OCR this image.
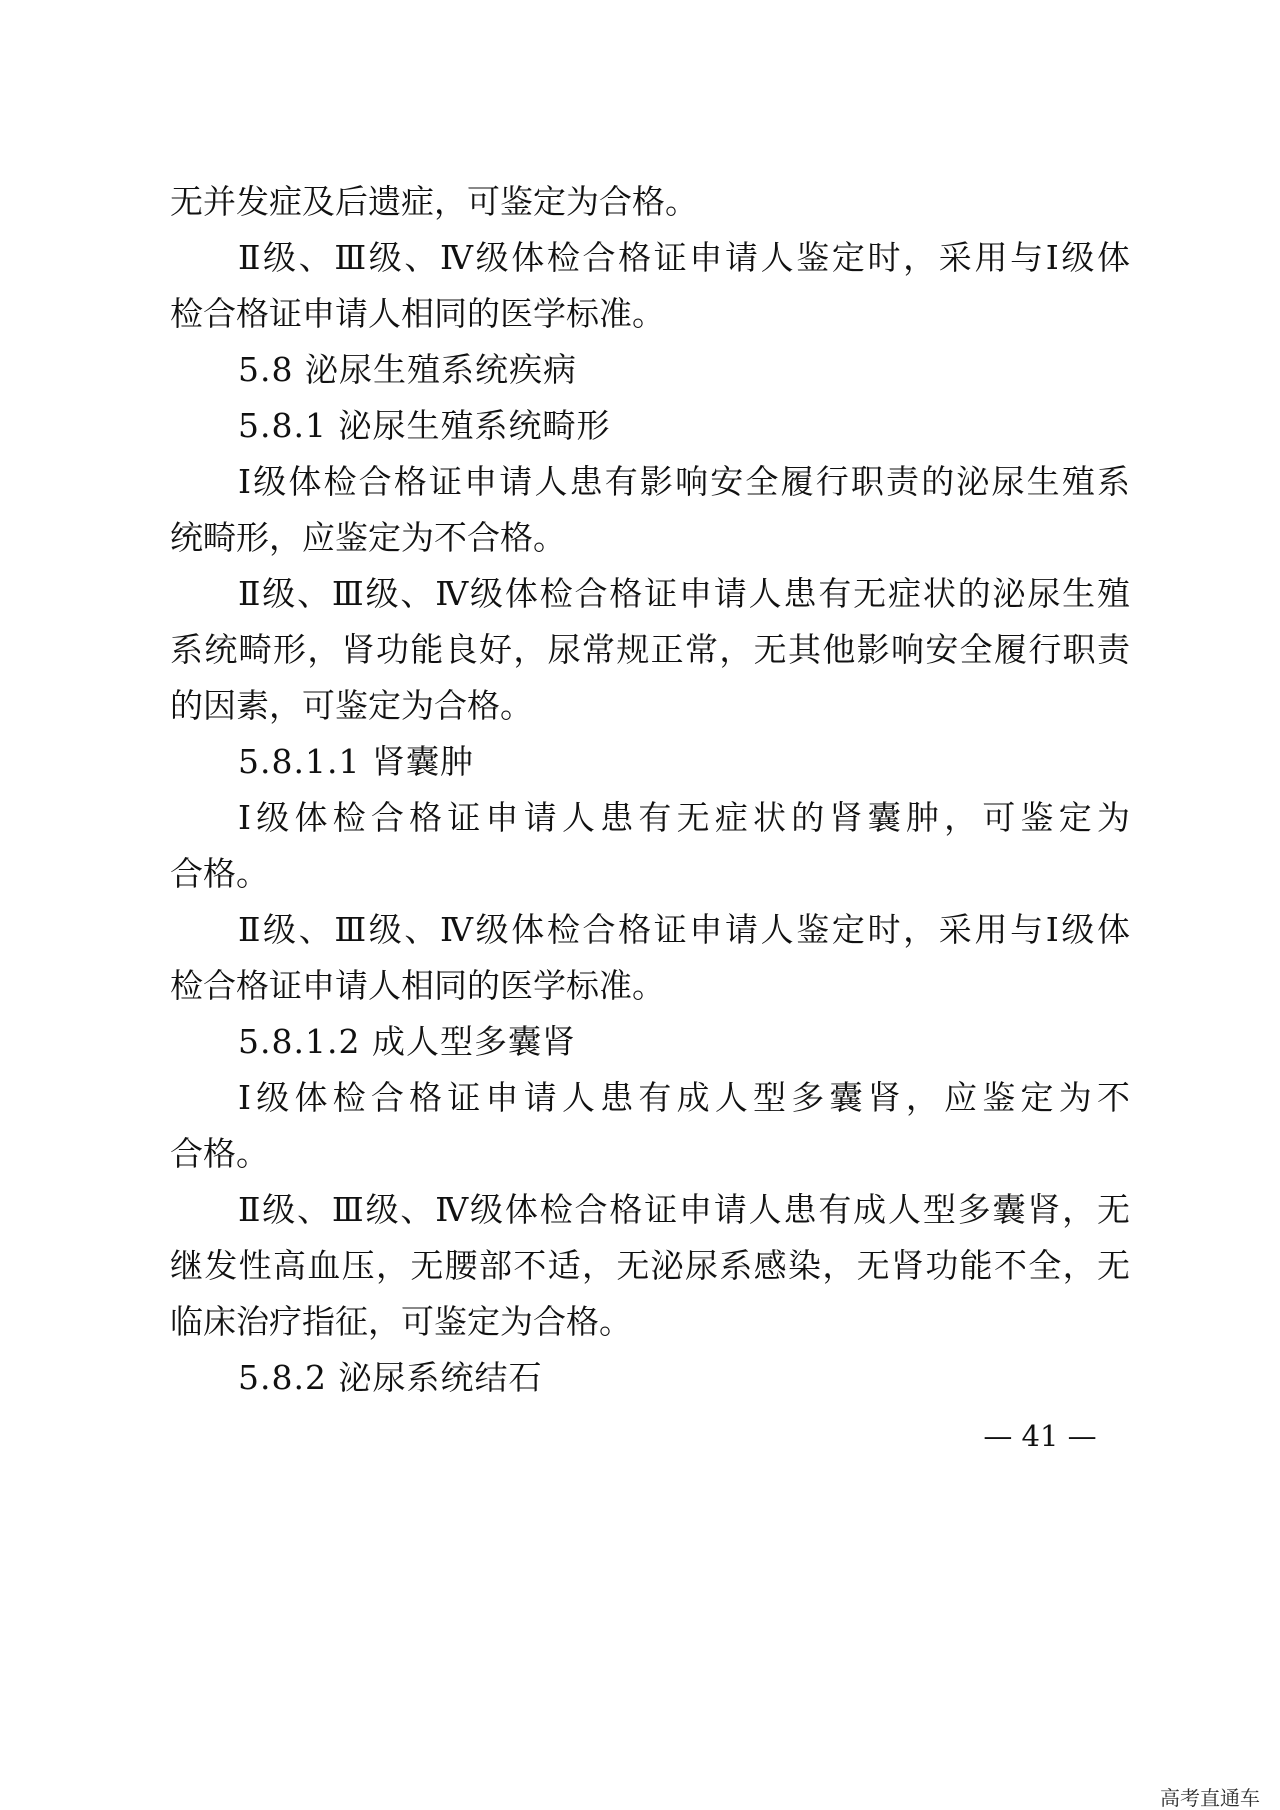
无并发症及后遗症，可鉴定为合格。
Ⅱ级、Ⅲ级、Ⅳ级体检合格证申请人鉴定时，采用与Ⅰ级体
检合格证申请人相同的医学标准。
5.8 泌尿生殖系统疾病
5.8.1 泌尿生殖系统畸形
Ⅰ级体检合格证申请人患有影响安全履行职责的泌尿生殖系
统畸形，应鉴定为不合格。
Ⅱ级、Ⅲ级、Ⅳ级体检合格证申请人患有无症状的泌尿生殖
系统畸形，肾功能良好，尿常规正常，无其他影响安全履行职责
的因素，可鉴定为合格。
5.8.1.1 肾囊肿
Ⅰ级体检合格证申请人患有无症状的肾囊肿，可鉴定为
合格。
Ⅱ级、Ⅲ级、Ⅳ级体检合格证申请人鉴定时，采用与Ⅰ级体
检合格证申请人相同的医学标准。
5.8.1.2 成人型多囊肾
Ⅰ级体检合格证申请人患有成人型多囊肾，应鉴定为不
合格。
Ⅱ级、Ⅲ级、Ⅳ级体检合格证申请人患有成人型多囊肾，无
继发性高血压，无腰部不适，无泌尿系感染，无肾功能不全，无
临床治疗指征，可鉴定为合格。
5.8.2 泌尿系统结石
— 41 —
高考直通车
